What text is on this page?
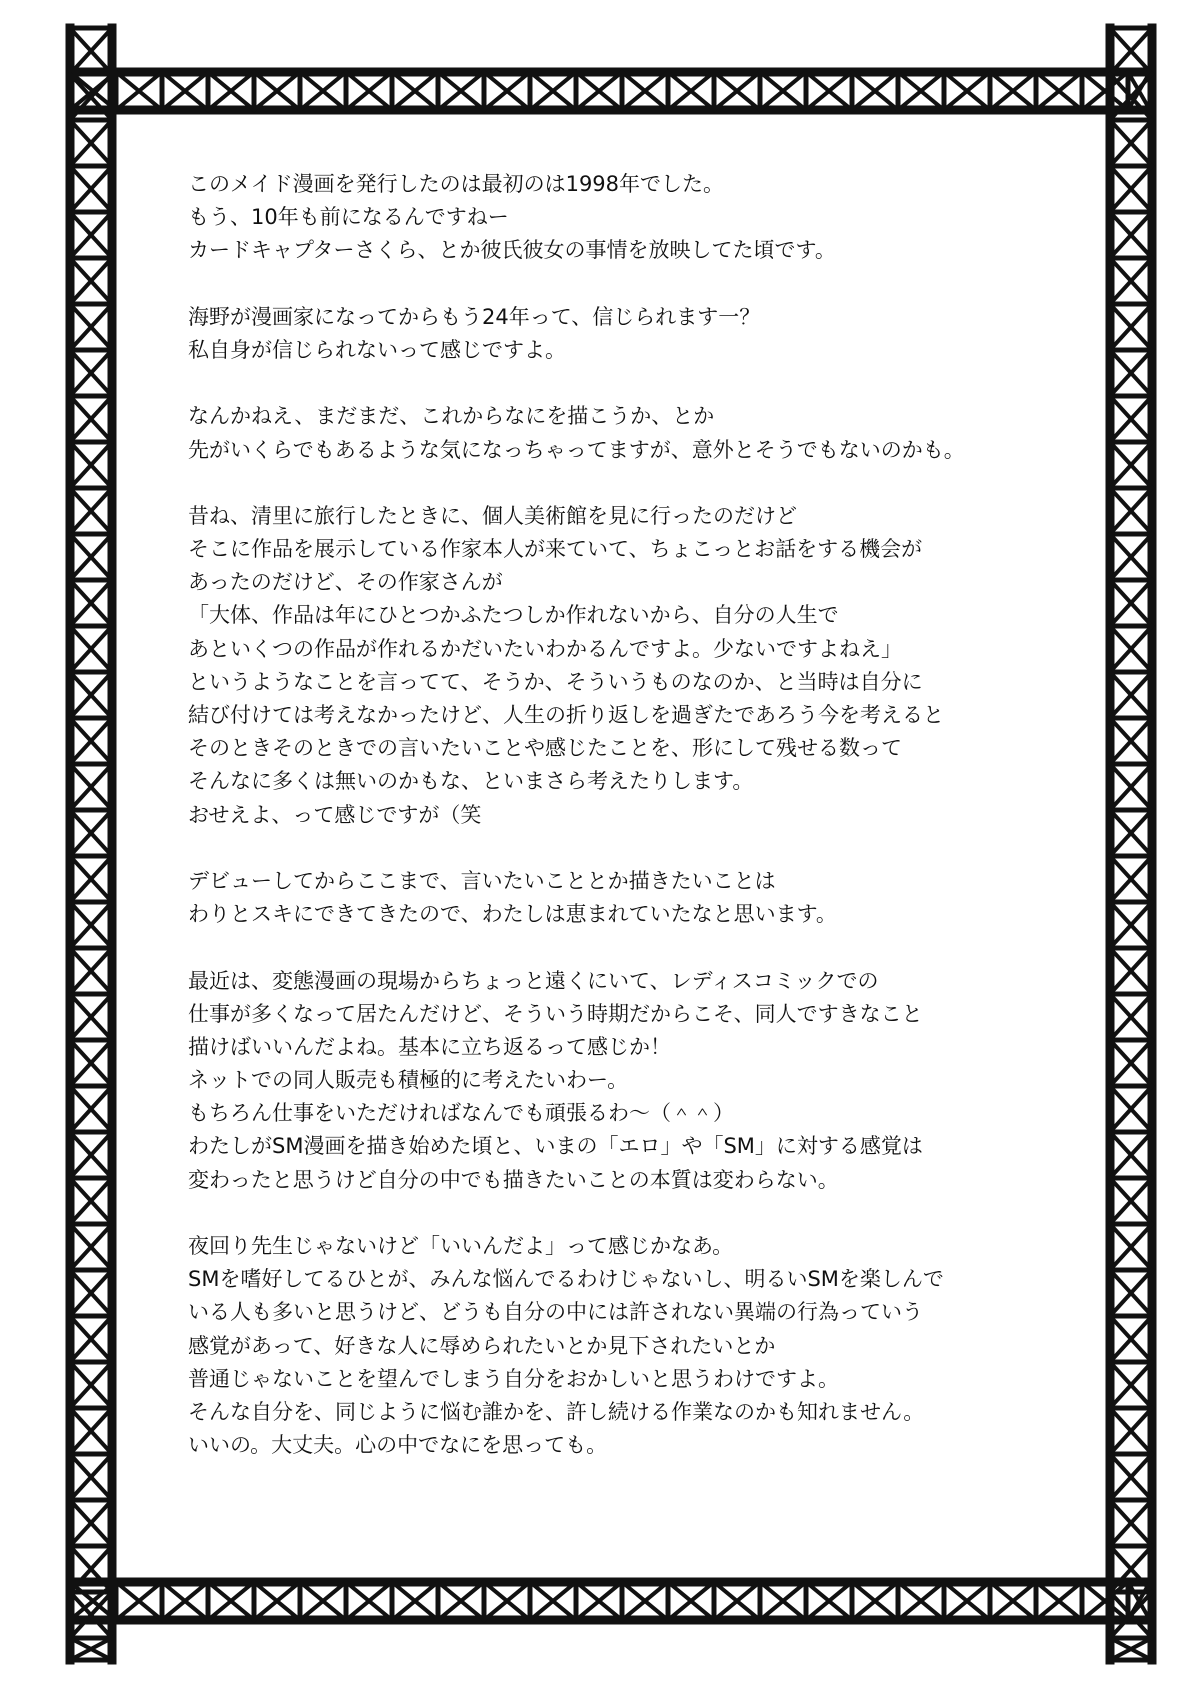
このメイド漫画を発行したのは最初のは1998年でした。
もう、10年も前になるんですねー
カードキャプターさくら、とか彼氏彼女の事情を放映してた頃です。
海野が漫画家になってからもう24年って、信じられます一？
私自身が信じられないって感じですよ。
なんかねえ、まだまだ、これからなにを描こうか、とか
先がいくらでもあるような気になっちゃってますが、意外とそうでもないのかも。
昔ね、清里に旅行したときに、個人美術館を見に行ったのだけど
そこに作品を展示している作家本人が来ていて、ちょこっとお話をする機会が
あったのだけど、その作家さんが
「大体、作品は年にひとつかふたつしか作れないから、自分の人生で
あといくつの作品が作れるかだいたいわかるんですよ。少ないですよねえ」
というようなことを言ってて、そうか、そういうものなのか、と当時は自分に
結び付けては考えなかったけど、人生の折り返しを過ぎたであろう今を考えると
そのときそのときでの言いたいことや感じたことを、形にして残せる数って
そんなに多くは無いのかもな、といまさら考えたりします。
おせえよ、って感じですが（笑
デビューしてからここまで、言いたいこととか描きたいことは
わりとスキにできてきたので、わたしは恵まれていたなと思います。
最近は、変態漫画の現場からちょっと遠くにいて、レディスコミックでの
仕事が多くなって居たんだけど、そういう時期だからこそ、同人ですきなこと
描けばいいんだよね。基本に立ち返るって感じか！
ネットでの同人販売も積極的に考えたいわー。
もちろん仕事をいただければなんでも頑張るわ～（＾＾）
わたしがSM漫画を描き始めた頃と、いまの「エロ」や「SM」に対する感覚は
変わったと思うけど自分の中でも描きたいことの本質は変わらない。
夜回り先生じゃないけど「いいんだよ」って感じかなあ。
SMを嗜好してるひとが、みんな悩んでるわけじゃないし、明るいSMを楽しんで
いる人も多いと思うけど、どうも自分の中には許されない異端の行為っていう
感覚があって、好きな人に辱められたいとか見下されたいとか
普通じゃないことを望んでしまう自分をおかしいと思うわけですよ。
そんな自分を、同じように悩む誰かを、許し続ける作業なのかも知れません。
いいの。大丈夫。心の中でなにを思っても。
